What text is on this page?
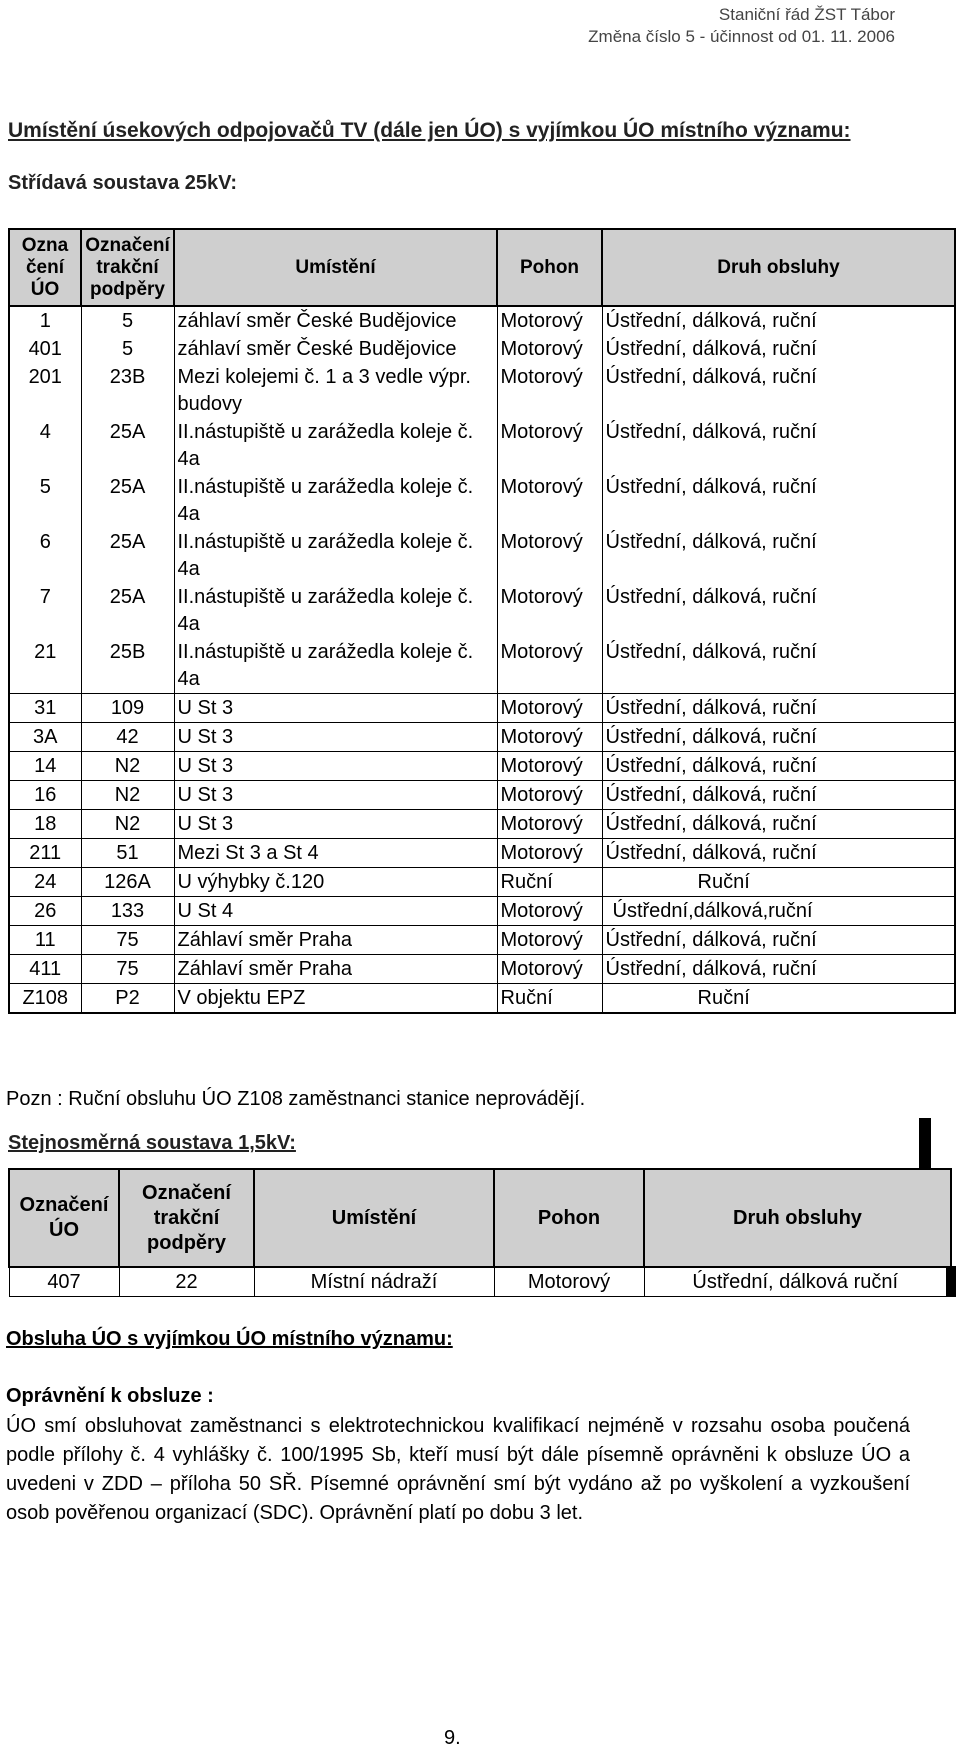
Staniční řád ŽST Tábor
Změna číslo 5 - účinnost od 01. 11. 2006
Umístění úsekových odpojovačů TV (dále jen ÚO) s vyjímkou ÚO místního významu:
Střídavá soustava 25kV:
Ozna čení ÚO	Označení trakční podpěry	Umístění	Pohon	Druh obsluhy
1	5	záhlaví směr České Budějovice	Motorový	Ústřední, dálková, ruční
401	5	záhlaví směr České Budějovice	Motorový	Ústřední, dálková, ruční
201	23B	Mezi kolejemi č. 1 a 3 vedle výpr. budovy	Motorový	Ústřední, dálková, ruční
4	25A	II.nástupiště u zarážedla koleje č. 4a	Motorový	Ústřední, dálková, ruční
5	25A	II.nástupiště u zarážedla koleje č. 4a	Motorový	Ústřední, dálková, ruční
6	25A	II.nástupiště u zarážedla koleje č. 4a	Motorový	Ústřední, dálková, ruční
7	25A	II.nástupiště u zarážedla koleje č. 4a	Motorový	Ústřední, dálková, ruční
21	25B	II.nástupiště u zarážedla koleje č. 4a	Motorový	Ústřední, dálková, ruční
31	109	U St 3	Motorový	Ústřední, dálková, ruční
3A	42	U St 3	Motorový	Ústřední, dálková, ruční
14	N2	U St 3	Motorový	Ústřední, dálková, ruční
16	N2	U St 3	Motorový	Ústřední, dálková, ruční
18	N2	U St 3	Motorový	Ústřední, dálková, ruční
211	51	Mezi St 3 a St 4	Motorový	Ústřední, dálková, ruční
24	126A	U výhybky č.120	Ruční	Ruční
26	133	U St 4	Motorový	Ústřední,dálková,ruční
11	75	Záhlaví směr Praha	Motorový	Ústřední, dálková, ruční
411	75	Záhlaví směr Praha	Motorový	Ústřední, dálková, ruční
Z108	P2	V objektu EPZ	Ruční	Ruční
Pozn : Ruční obsluhu ÚO Z108 zaměstnanci stanice neprovádějí.
Stejnosměrná soustava 1,5kV:
Označení ÚO	Označení trakční podpěry	Umístění	Pohon	Druh obsluhy
407	22	Místní nádraží	Motorový	Ústřední, dálková ruční
Obsluha ÚO s vyjímkou ÚO místního významu:
Oprávnění k obsluze :
ÚO smí obsluhovat zaměstnanci s elektrotechnickou kvalifikací nejméně v rozsahu osoba poučená podle přílohy č. 4 vyhlášky č. 100/1995 Sb, kteří musí být dále písemně oprávněni k obsluze ÚO a uvedeni v ZDD – příloha 50 SŘ. Písemné oprávnění smí být vydáno až po vyškolení a vyzkoušení osob pověřenou organizací (SDC). Oprávnění platí po dobu 3 let.
9.
